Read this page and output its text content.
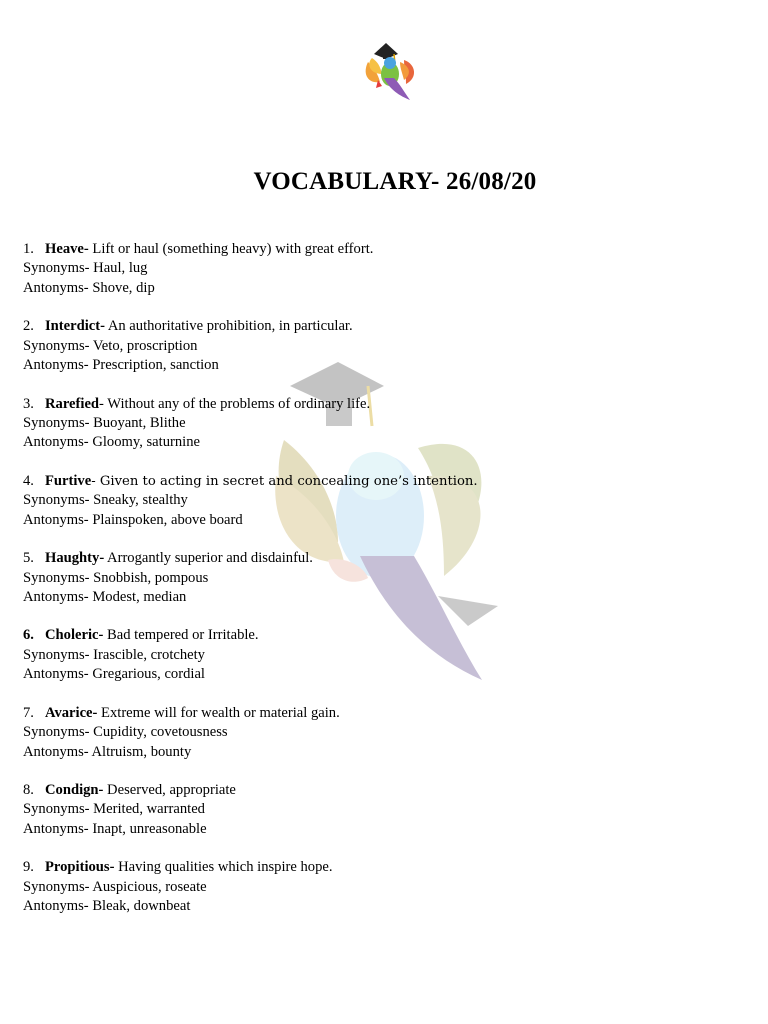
VOCABULARY- 26/08/20
1. Heave- Lift or haul (something heavy) with great effort.
Synonyms- Haul, lug
Antonyms- Shove, dip
2. Interdict- An authoritative prohibition, in particular.
Synonyms- Veto, proscription
Antonyms- Prescription, sanction
3. Rarefied- Without any of the problems of ordinary life.
Synonyms- Buoyant, Blithe
Antonyms- Gloomy, saturnine
4. Furtive- Given to acting in secret and concealing one’s intention.
Synonyms- Sneaky, stealthy
Antonyms- Plainspoken, above board
5. Haughty- Arrogantly superior and disdainful.
Synonyms- Snobbish, pompous
Antonyms- Modest, median
6. Choleric- Bad tempered or Irritable.
Synonyms- Irascible, crotchety
Antonyms- Gregarious, cordial
7. Avarice- Extreme will for wealth or material gain.
Synonyms- Cupidity, covetousness
Antonyms- Altruism, bounty
8. Condign- Deserved, appropriate
Synonyms- Merited, warranted
Antonyms- Inapt, unreasonable
9. Propitious- Having qualities which inspire hope.
Synonyms- Auspicious, roseate
Antonyms- Bleak, downbeat
